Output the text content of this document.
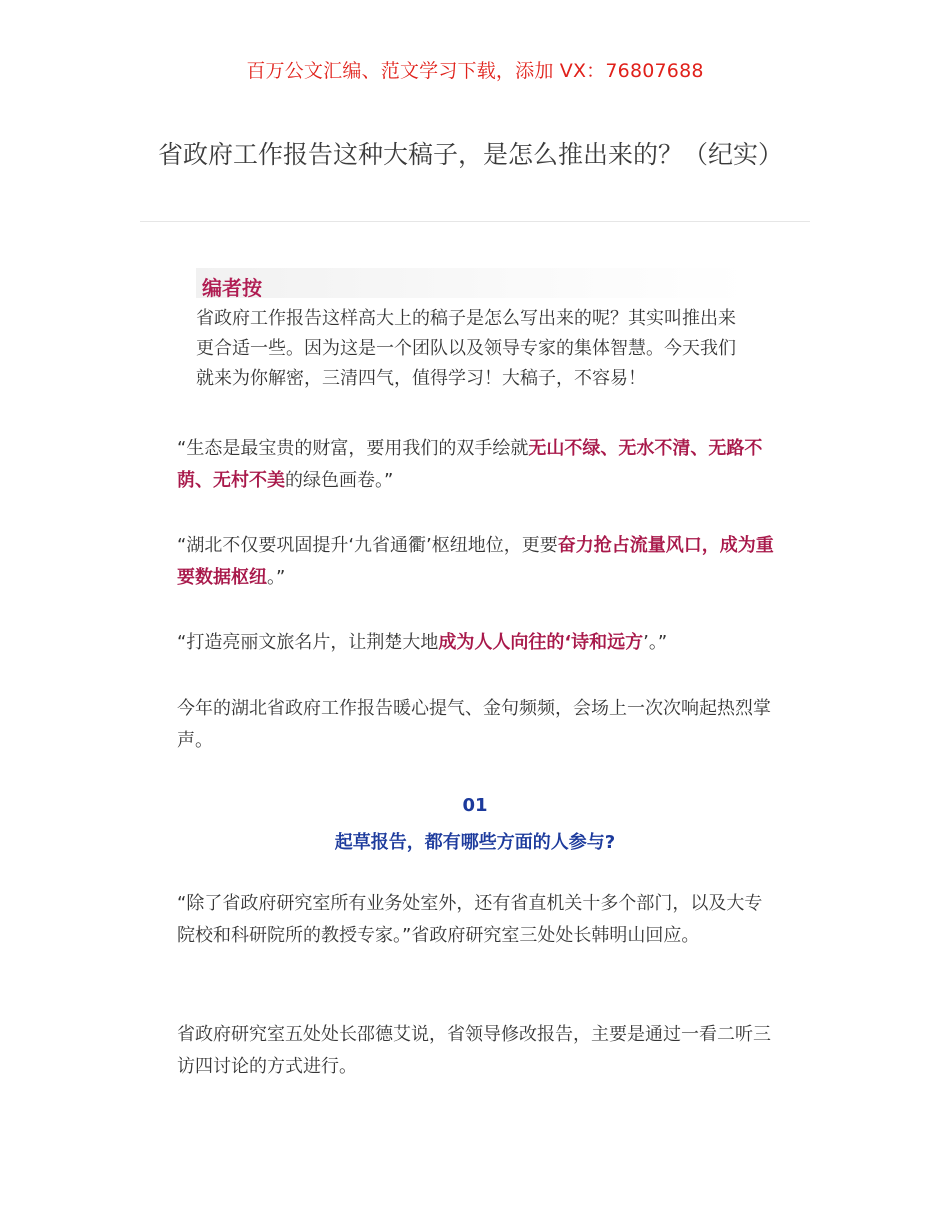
百万公文汇编、范文学习下载，添加 VX：76807688
省政府工作报告这种大稿子，是怎么推出来的？（纪实）
编者按
省政府工作报告这样高大上的稿子是怎么写出来的呢？其实叫推出来更合适一些。因为这是一个团队以及领导专家的集体智慧。今天我们就来为你解密，三清四气，值得学习！大稿子，不容易！

“生态是最宝贵的财富，要用我们的双手绘就无山不绿、无水不清、无路不荫、无村不美的绿色画卷。”

“湖北不仅要巩固提升‘九省通衢’枢纽地位，更要奋力抢占流量风口，成为重要数据枢纽。”

“打造亮丽文旅名片，让荆楚大地成为人人向往的‘诗和远方’。”

今年的湖北省政府工作报告暖心提气、金句频频，会场上一次次响起热烈掌声。

01
起草报告，都有哪些方面的人参与?

“除了省政府研究室所有业务处室外，还有省直机关十多个部门，以及大专院校和科研院所的教授专家。”省政府研究室三处处长韩明山回应。

省政府研究室五处处长邵德艾说，省领导修改报告，主要是通过一看二听三访四讨论的方式进行。
